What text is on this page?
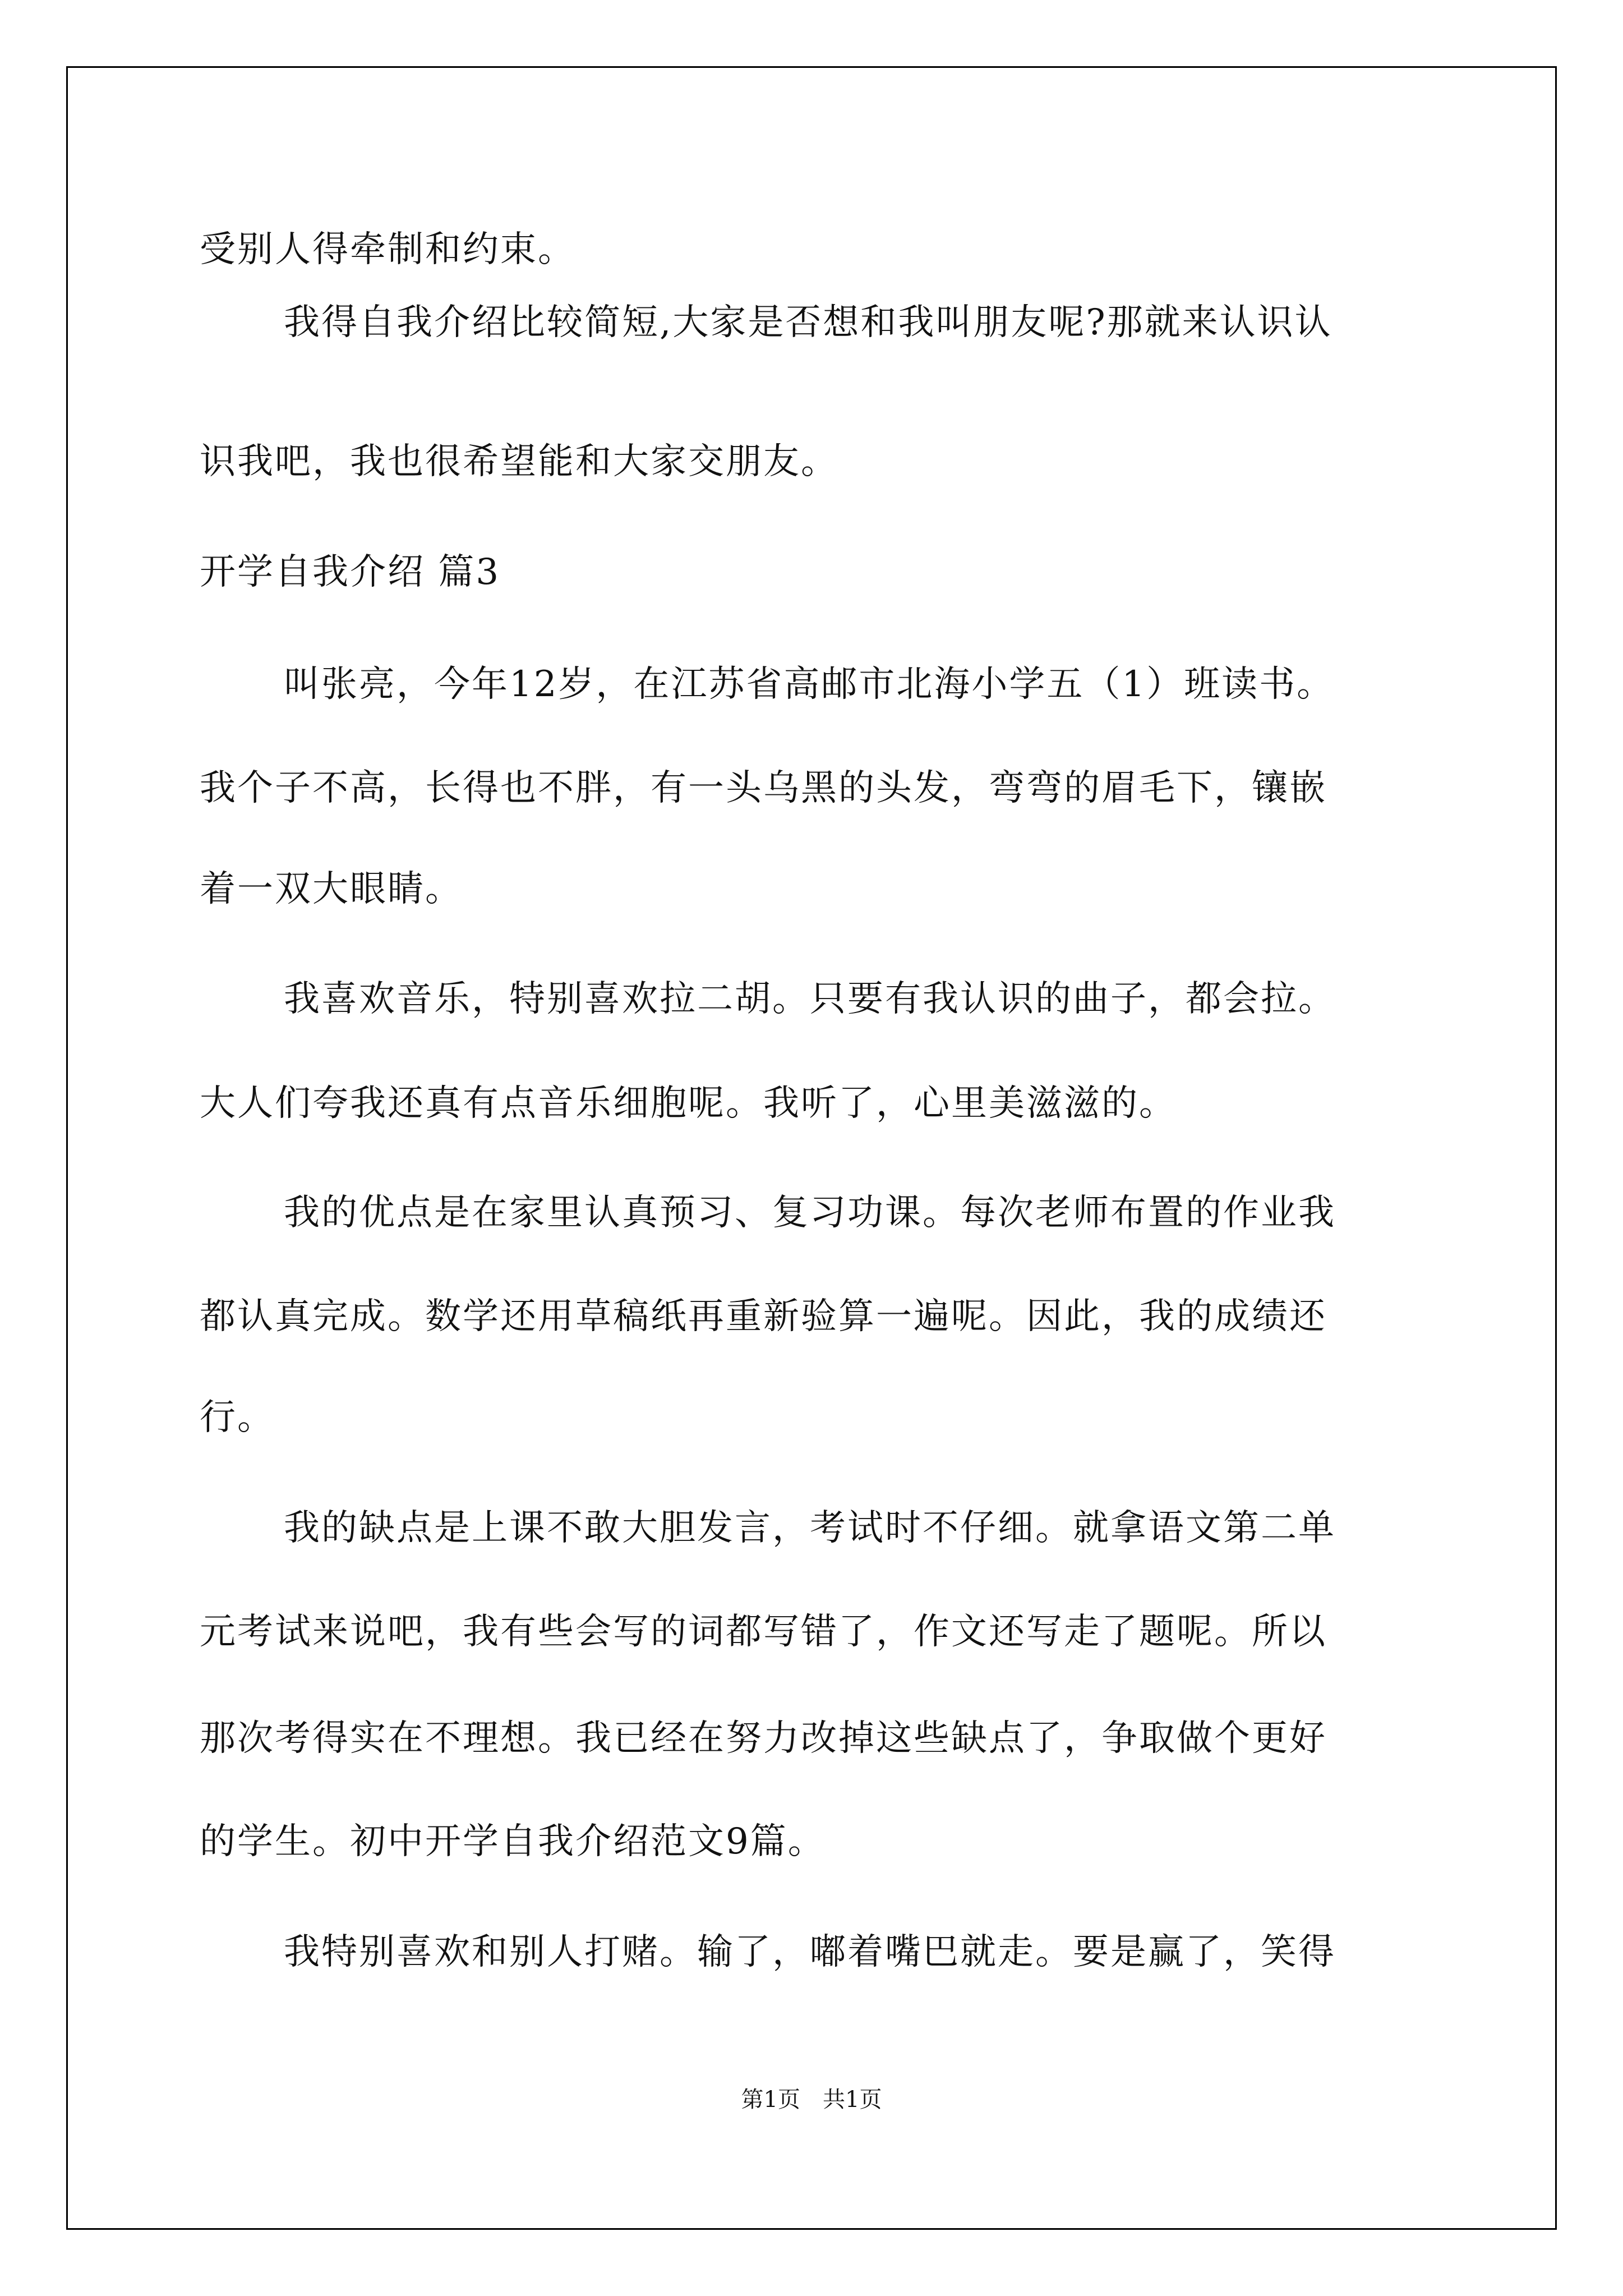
受别人得牵制和约束。
我得自我介绍比较简短,大家是否想和我叫朋友呢?那就来认识认
识我吧，我也很希望能和大家交朋友。
开学自我介绍 篇3
叫张亮，今年12岁，在江苏省高邮市北海小学五（1）班读书。
我个子不高，长得也不胖，有一头乌黑的头发，弯弯的眉毛下，镶嵌
着一双大眼睛。
我喜欢音乐，特别喜欢拉二胡。只要有我认识的曲子，都会拉。
大人们夸我还真有点音乐细胞呢。我听了，心里美滋滋的。
我的优点是在家里认真预习、复习功课。每次老师布置的作业我
都认真完成。数学还用草稿纸再重新验算一遍呢。因此，我的成绩还
行。
我的缺点是上课不敢大胆发言，考试时不仔细。就拿语文第二单
元考试来说吧，我有些会写的词都写错了，作文还写走了题呢。所以
那次考得实在不理想。我已经在努力改掉这些缺点了，争取做个更好
的学生。初中开学自我介绍范文9篇。
我特别喜欢和别人打赌。输了，嘟着嘴巴就走。要是赢了，笑得
第1页　共1页
